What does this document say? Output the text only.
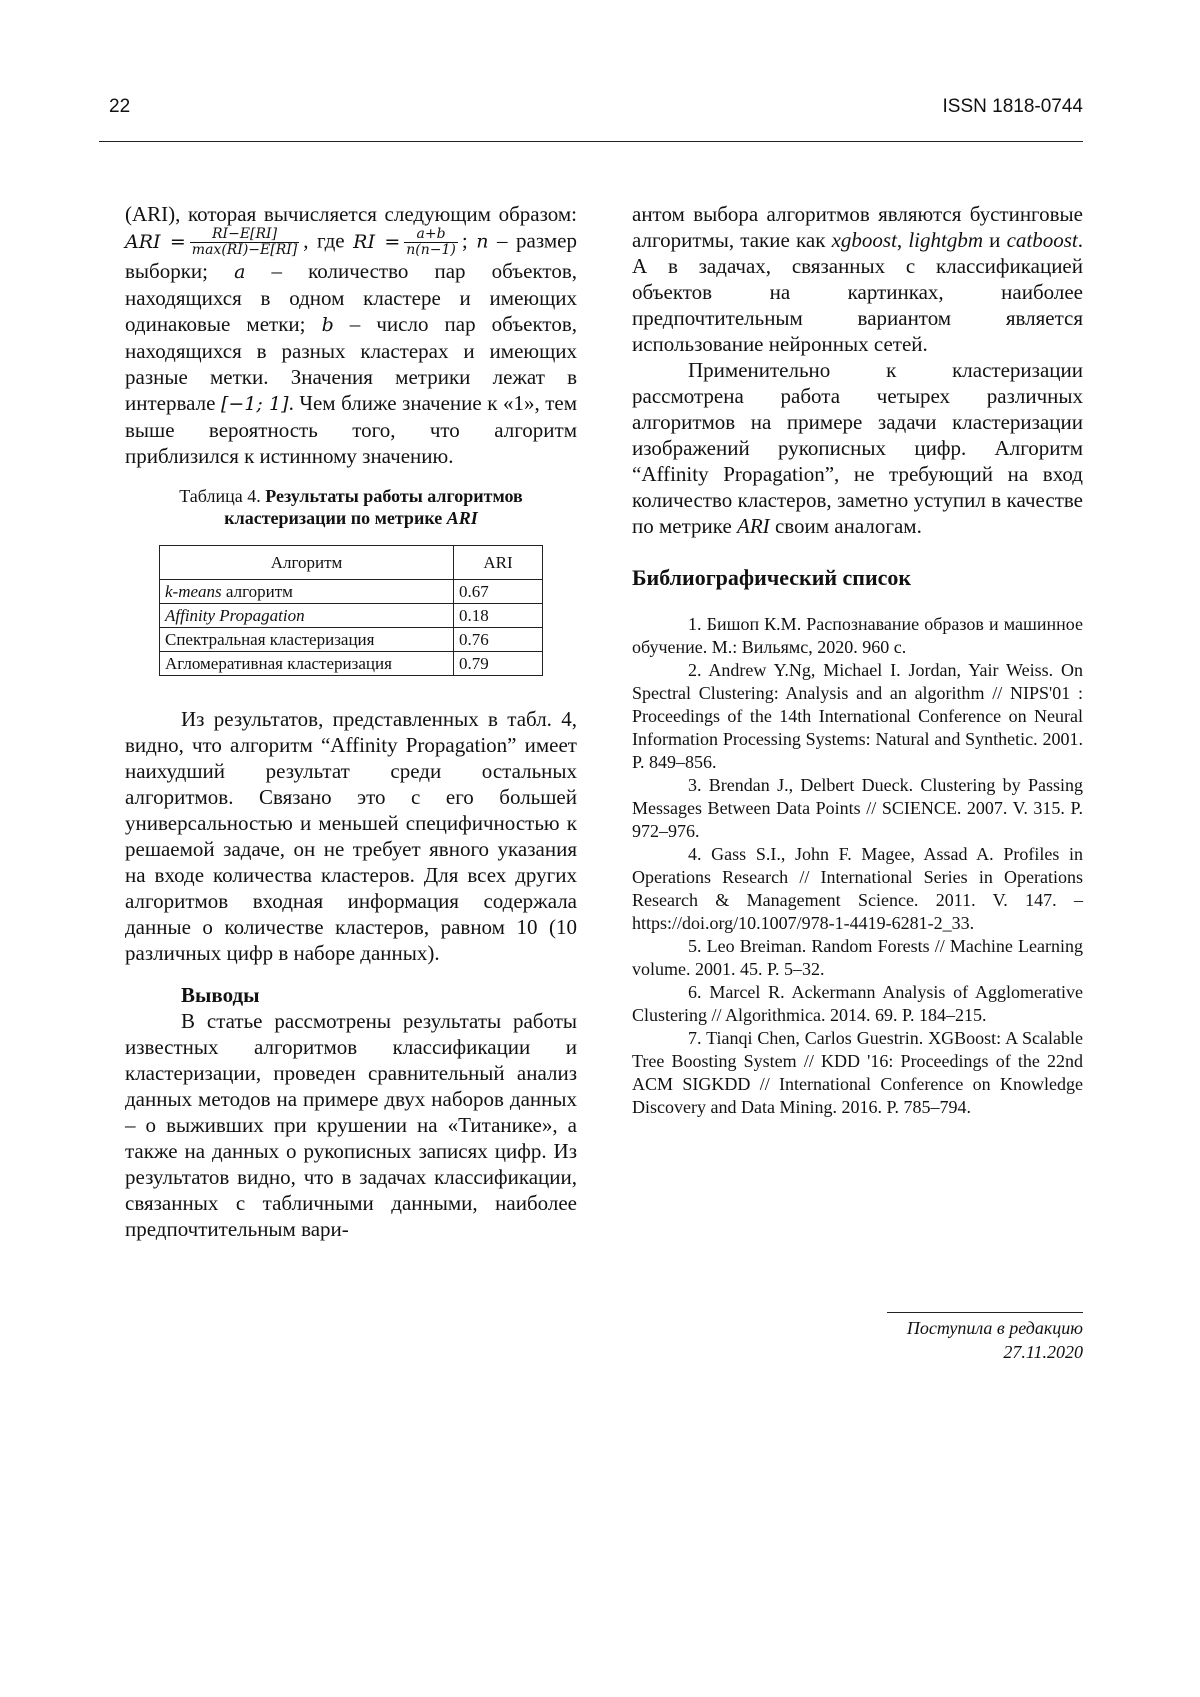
22	ISSN 1818-0744

(ARI), которая вычисляется следующим образом: ARI = $\frac{RI-E[RI]}{\max(RI)-E[RI]}$ , где RI = $\frac{a+b}{n(n-1)}$ ; n – размер выборки; a – количество пар объектов, находящихся в одном кластере и имеющих одинаковые метки; b – число пар объектов, находящихся в разных кластерах и имеющих разные метки. Значения метрики лежат в интервале [−1; 1]. Чем ближе значение к «1», тем выше вероятность того, что алгоритм приблизился к истинному значению.

Таблица 4. Результаты работы алгоритмов кластеризации по метрике ARI
Алгоритм	ARI
k-means алгоритм	0.67
Affinity Propagation	0.18
Спектральная кластеризация	0.76
Агломеративная кластеризация	0.79

Из результатов, представленных в табл. 4, видно, что алгоритм “Affinity Propagation” имеет наихудший результат среди остальных алгоритмов. Связано это с его большей универсальностью и меньшей специфичностью к решаемой задаче, он не требует явного указания на входе количества кластеров. Для всех других алгоритмов входная информация содержала данные о количестве кластеров, равном 10 (10 различных цифр в наборе данных).

Выводы

В статье рассмотрены результаты работы известных алгоритмов классификации и кластеризации, проведен сравнительный анализ данных методов на примере двух наборов данных – о выживших при крушении на «Титанике», а также на данных о рукописных записях цифр. Из результатов видно, что в задачах классификации, связанных с табличными данными, наиболее предпочтительным вари-

антом выбора алгоритмов являются бустинговые алгоритмы, такие как xgboost, lightgbm и catboost. А в задачах, связанных с классификацией объектов на картинках, наиболее предпочтительным вариантом является использование нейронных сетей.

Применительно к кластеризации рассмотрена работа четырех различных алгоритмов на примере задачи кластеризации изображений рукописных цифр. Алгоритм “Affinity Propagation”, не требующий на вход количество кластеров, заметно уступил в качестве по метрике ARI своим аналогам.

Библиографический список

1. Бишоп К.М. Распознавание образов и машинное обучение. М.: Вильямс, 2020. 960 с.

2. Andrew Y.Ng, Michael I. Jordan, Yair Weiss. On Spectral Clustering: Analysis and an algorithm // NIPS'01 : Proceedings of the 14th International Conference on Neural Information Processing Systems: Natural and Synthetic. 2001. P. 849–856.

3. Brendan J., Delbert Dueck. Clustering by Passing Messages Between Data Points // SCIENCE. 2007. V. 315. P. 972–976.

4. Gass S.I., John F. Magee, Assad A. Profiles in Operations Research // International Series in Operations Research & Management Science. 2011. V. 147. – https://doi.org/10.1007/978-1-4419-6281-2_33.

5. Leo Breiman. Random Forests // Machine Learning volume. 2001. 45. P. 5–32.

6. Marcel R. Ackermann Analysis of Agglomerative Clustering // Algorithmica. 2014. 69. P. 184–215.

7. Tianqi Chen, Carlos Guestrin. XGBoost: A Scalable Tree Boosting System // KDD '16: Proceedings of the 22nd ACM SIGKDD // International Conference on Knowledge Discovery and Data Mining. 2016. P. 785–794.

Поступила в редакцию
27.11.2020
